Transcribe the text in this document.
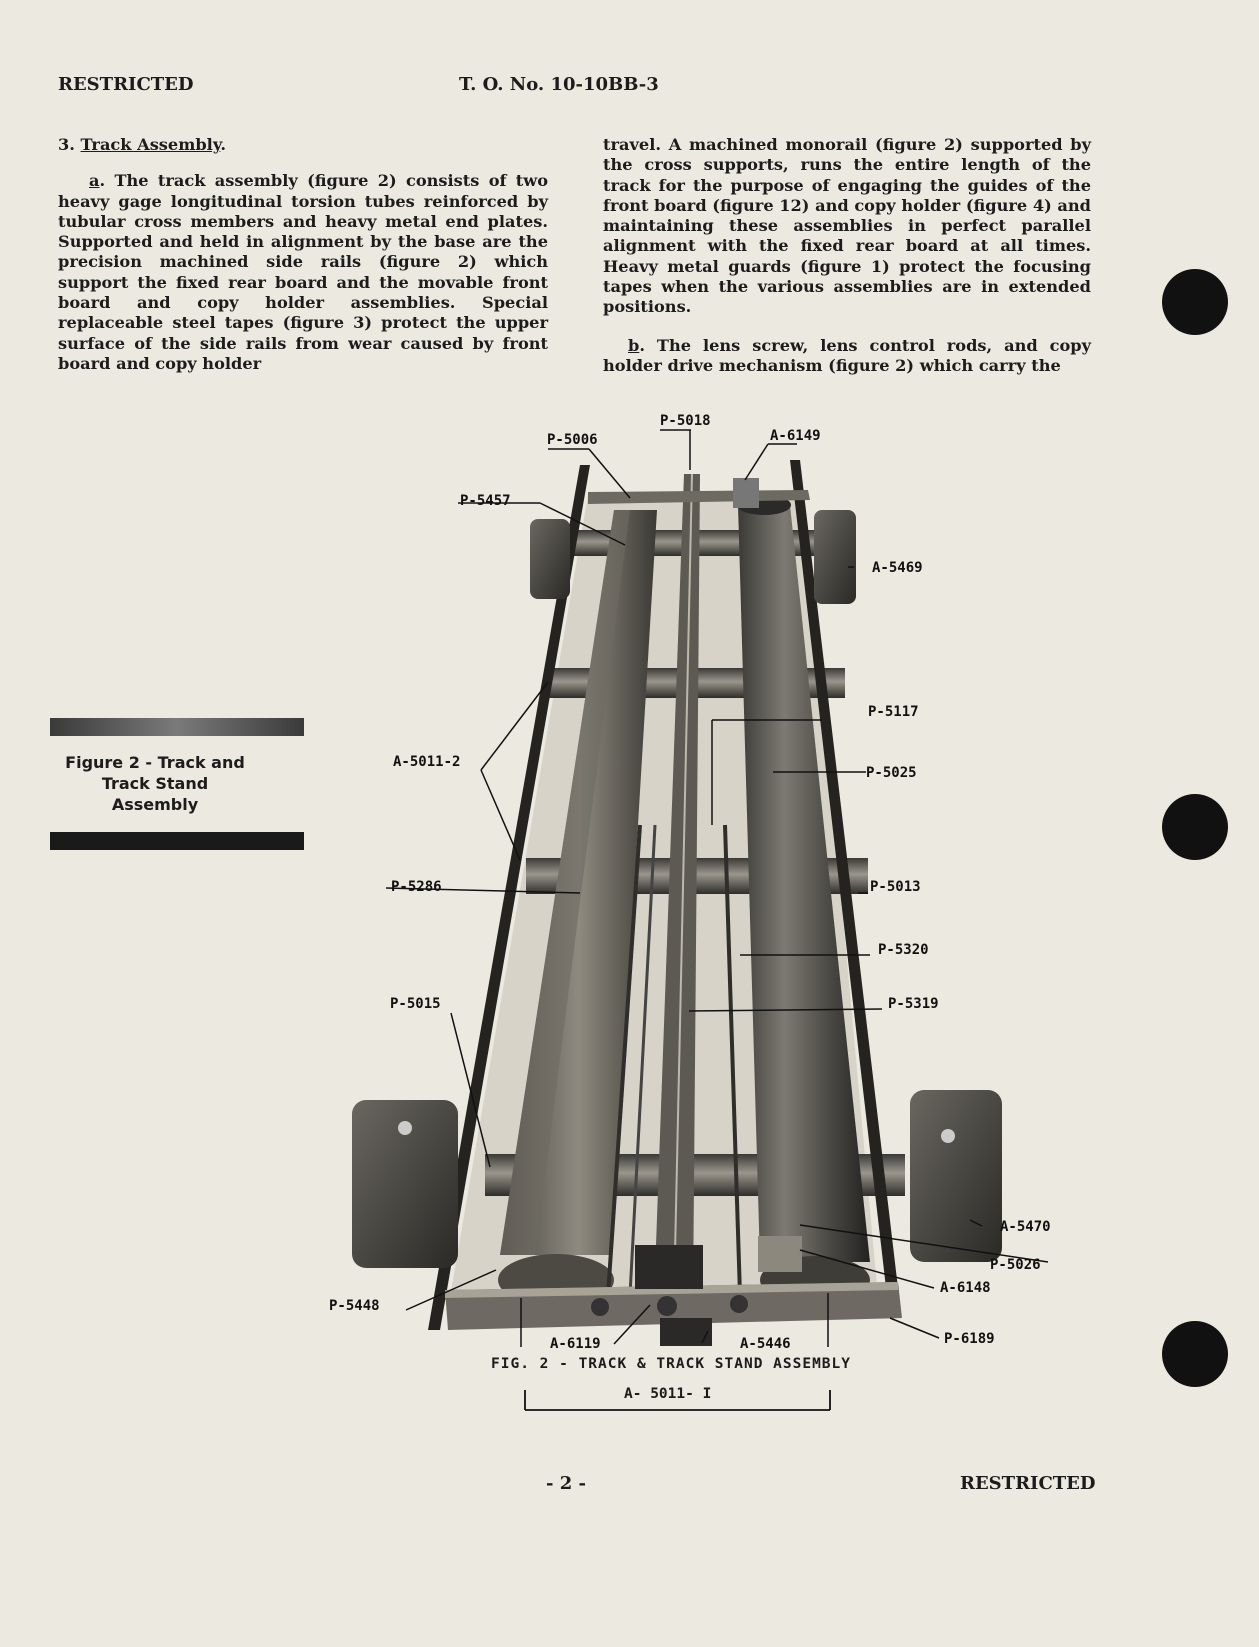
RESTRICTED	T. O. No. 10-10BB-3

3. Track Assembly.

a. The track assembly (figure 2) consists of two heavy gage longitudinal torsion tubes reinforced by tubular cross members and heavy metal end plates. Supported and held in alignment by the base are the precision machined side rails (figure 2) which support the fixed rear board and the movable front board and copy holder assemblies. Special replaceable steel tapes (figure 3) protect the upper surface of the side rails from wear caused by front board and copy holder

travel. A machined monorail (figure 2) supported by the cross supports, runs the entire length of the track for the purpose of engaging the guides of the front board (figure 12) and copy holder (figure 4) and maintaining these assemblies in perfect parallel alignment with the fixed rear board at all times. Heavy metal guards (figure 1) protect the focusing tapes when the various assemblies are in extended positions.

b. The lens screw, lens control rods, and copy holder drive mechanism (figure 2) which carry the

Figure 2 - Track and
Track Stand
Assembly
P-5018
P-5006	A-6149
P-5457
A-5469
P-5117
A-5011-2
P-5025
P-5286	P-5013
P-5320
P-5015	P-5319
A-5470
P-5026
A-6148
P-5448
P-6189
A-6119	A-5446
FIG. 2 - TRACK & TRACK STAND ASSEMBLY
A- 5011- I
- 2 -	RESTRICTED
